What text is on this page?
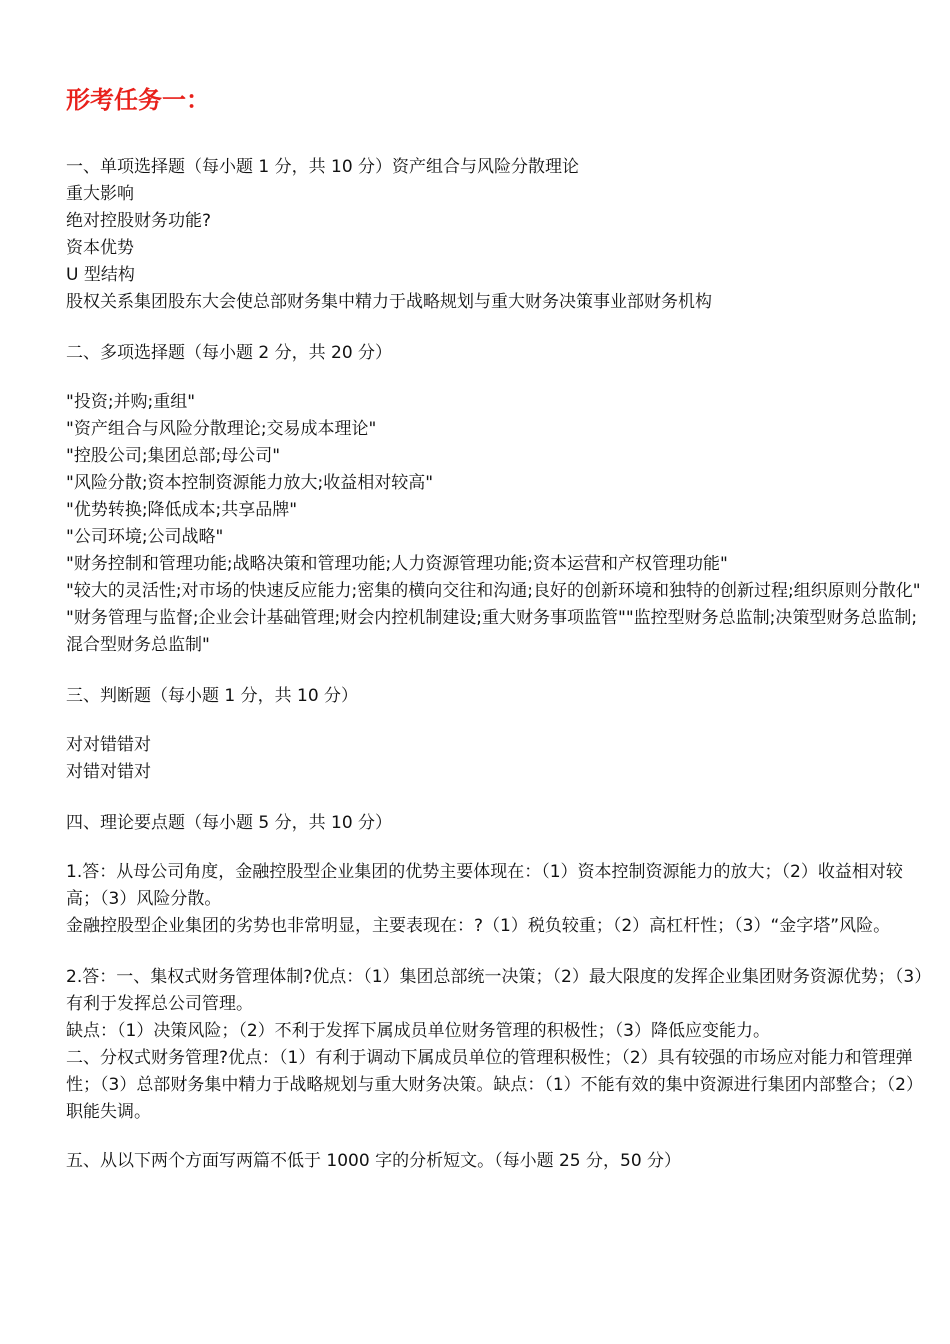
形考任务一：

一、单项选择题（每小题 1 分，共 10 分）资产组合与风险分散理论

重大影响

绝对控股财务功能?

资本优势

U 型结构

股权关系集团股东大会使总部财务集中精力于战略规划与重大财务决策事业部财务机构

二、多项选择题（每小题 2 分，共 20 分）

"投资;并购;重组"

"资产组合与风险分散理论;交易成本理论"

"控股公司;集团总部;母公司"

"风险分散;资本控制资源能力放大;收益相对较高"

"优势转换;降低成本;共享品牌"

"公司环境;公司战略"

"财务控制和管理功能;战略决策和管理功能;人力资源管理功能;资本运营和产权管理功能"

"较大的灵活性;对市场的快速反应能力;密集的横向交往和沟通;良好的创新环境和独特的创新过程;组织原则分散化"

"财务管理与监督;企业会计基础管理;财会内控机制建设;重大财务事项监管""监控型财务总监制;决策型财务总监制;混合型财务总监制"

三、判断题（每小题 1 分，共 10 分）

对对错错对

对错对错对

四、理论要点题（每小题 5 分，共 10 分）

1.答：从母公司角度，金融控股型企业集团的优势主要体现在：（1）资本控制资源能力的放大；（2）收益相对较高；（3）风险分散。

金融控股型企业集团的劣势也非常明显，主要表现在：?（1）税负较重；（2）高杠杆性；（3）“金字塔”风险。

2.答：一、集权式财务管理体制?优点：（1）集团总部统一决策；（2）最大限度的发挥企业集团财务资源优势；（3）有利于发挥总公司管理。

缺点：（1）决策风险；（2）不利于发挥下属成员单位财务管理的积极性；（3）降低应变能力。

二、分权式财务管理?优点：（1）有利于调动下属成员单位的管理积极性；（2）具有较强的市场应对能力和管理弹性；（3）总部财务集中精力于战略规划与重大财务决策。缺点：（1）不能有效的集中资源进行集团内部整合；（2）职能失调。

五、从以下两个方面写两篇不低于 1000 字的分析短文。（每小题 25 分，50 分）
